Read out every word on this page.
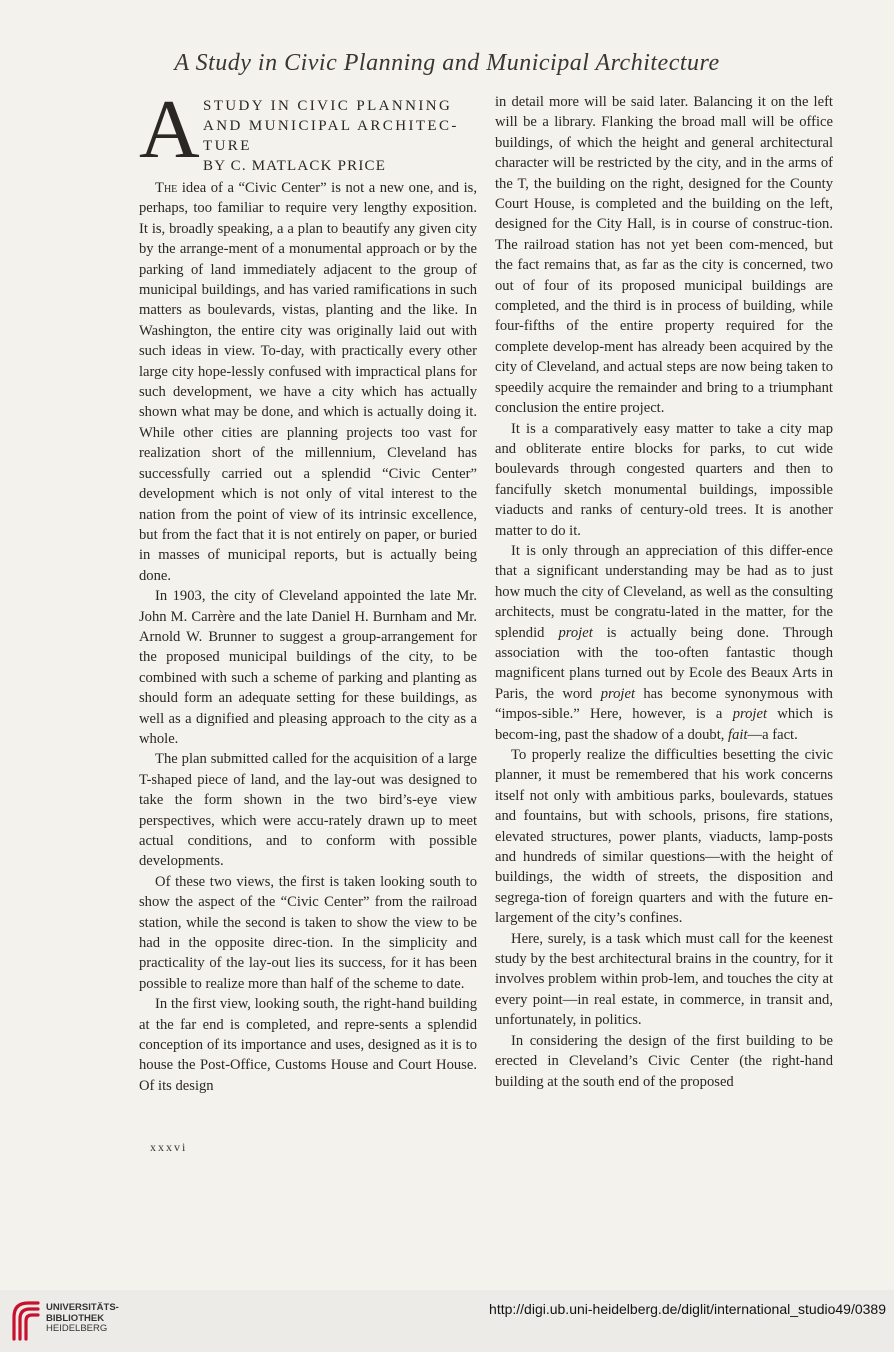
A Study in Civic Planning and Municipal Architecture
A STUDY IN CIVIC PLANNING
AND MUNICIPAL ARCHITEC-
TURE
BY C. MATLACK PRICE

The idea of a “Civic Center” is not a new one, and is, perhaps, too familiar to require very lengthy exposition. It is, broadly speaking, a a plan to beautify any given city by the arrange-ment of a monumental approach or by the parking of land immediately adjacent to the group of municipal buildings, and has varied ramifications in such matters as boulevards, vistas, planting and the like. In Washington, the entire city was originally laid out with such ideas in view. To-day, with practically every other large city hope-lessly confused with impractical plans for such development, we have a city which has actually shown what may be done, and which is actually doing it. While other cities are planning projects too vast for realization short of the millennium, Cleveland has successfully carried out a splendid “Civic Center” development which is not only of vital interest to the nation from the point of view of its intrinsic excellence, but from the fact that it is not entirely on paper, or buried in masses of municipal reports, but is actually being done.

In 1903, the city of Cleveland appointed the late Mr. John M. Carrère and the late Daniel H. Burnham and Mr. Arnold W. Brunner to suggest a group-arrangement for the proposed municipal buildings of the city, to be combined with such a scheme of parking and planting as should form an adequate setting for these buildings, as well as a dignified and pleasing approach to the city as a whole.

The plan submitted called for the acquisition of a large T-shaped piece of land, and the lay-out was designed to take the form shown in the two bird’s-eye view perspectives, which were accu-rately drawn up to meet actual conditions, and to conform with possible developments.

Of these two views, the first is taken looking south to show the aspect of the “Civic Center” from the railroad station, while the second is taken to show the view to be had in the opposite direc-tion. In the simplicity and practicality of the lay-out lies its success, for it has been possible to realize more than half of the scheme to date.

In the first view, looking south, the right-hand building at the far end is completed, and repre-sents a splendid conception of its importance and uses, designed as it is to house the Post-Office, Customs House and Court House. Of its design

in detail more will be said later. Balancing it on the left will be a library. Flanking the broad mall will be office buildings, of which the height and general architectural character will be restricted by the city, and in the arms of the T, the building on the right, designed for the County Court House, is completed and the building on the left, designed for the City Hall, is in course of construc-tion. The railroad station has not yet been com-menced, but the fact remains that, as far as the city is concerned, two out of four of its proposed municipal buildings are completed, and the third is in process of building, while four-fifths of the entire property required for the complete develop-ment has already been acquired by the city of Cleveland, and actual steps are now being taken to speedily acquire the remainder and bring to a triumphant conclusion the entire project.

It is a comparatively easy matter to take a city map and obliterate entire blocks for parks, to cut wide boulevards through congested quarters and then to fancifully sketch monumental buildings, impossible viaducts and ranks of century-old trees. It is another matter to do it.

It is only through an appreciation of this differ-ence that a significant understanding may be had as to just how much the city of Cleveland, as well as the consulting architects, must be congratu-lated in the matter, for the splendid projet is actually being done. Through association with the too-often fantastic though magnificent plans turned out by Ecole des Beaux Arts in Paris, the word projet has become synonymous with “impos-sible.” Here, however, is a projet which is becom-ing, past the shadow of a doubt, fait—a fact.

To properly realize the difficulties besetting the civic planner, it must be remembered that his work concerns itself not only with ambitious parks, boulevards, statues and fountains, but with schools, prisons, fire stations, elevated structures, power plants, viaducts, lamp-posts and hundreds of similar questions—with the height of buildings, the width of streets, the disposition and segrega-tion of foreign quarters and with the future en-largement of the city’s confines.

Here, surely, is a task which must call for the keenest study by the best architectural brains in the country, for it involves problem within prob-lem, and touches the city at every point—in real estate, in commerce, in transit and, unfortunately, in politics.

In considering the design of the first building to be erected in Cleveland’s Civic Center (the right-hand building at the south end of the proposed

xxxvi
UNIVERSITÄTS-
BIBLIOTHEK
HEIDELBERG
http://digi.ub.uni-heidelberg.de/diglit/international_studio49/0389
